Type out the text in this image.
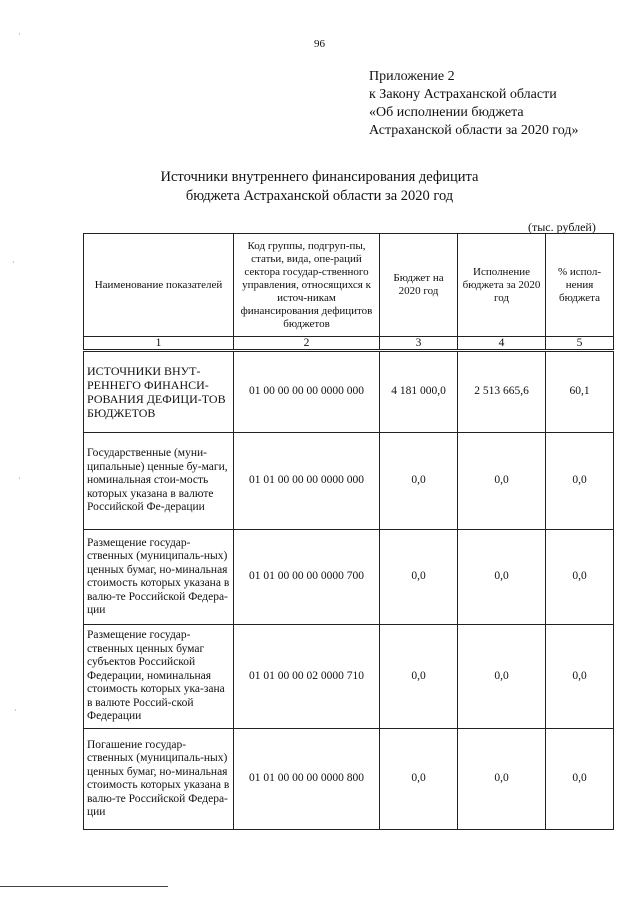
96
Приложение 2
к Закону Астраханской области
«Об исполнении бюджета
Астраханской области за 2020 год»
Источники внутреннего финансирования дефицита
бюджета Астраханской области за 2020 год
(тыс. рублей)
Наименование показателей	Код группы, подгруп-пы, статьи, вида, опе-раций сектора государ-ственного управления, относящихся к источ-никам финансирования дефицитов бюджетов	Бюджет на 2020 год	Исполнение бюджета за 2020 год	% испол-нения бюджета
1	2	3	4	5
ИСТОЧНИКИ ВНУТ-РЕННЕГО ФИНАНСИ-РОВАНИЯ ДЕФИЦИ-ТОВ БЮДЖЕТОВ	01 00 00 00 00 0000 000	4 181 000,0	2 513 665,6	60,1
Государственные (муни-ципальные) ценные бу-маги, номинальная стои-мость которых указана в валюте Российской Фе-дерации	01 01 00 00 00 0000 000	0,0	0,0	0,0
Размещение государ-ственных (муниципаль-ных) ценных бумаг, но-минальная стоимость которых указана в валю-те Российской Федера-ции	01 01 00 00 00 0000 700	0,0	0,0	0,0
Размещение государ-ственных ценных бумаг субъектов Российской Федерации, номинальная стоимость которых ука-зана в валюте Россий-ской Федерации	01 01 00 00 02 0000 710	0,0	0,0	0,0
Погашение государ-ственных (муниципаль-ных) ценных бумаг, но-минальная стоимость которых указана в валю-те Российской Федера-ции	01 01 00 00 00 0000 800	0,0	0,0	0,0
·
·
·
·
